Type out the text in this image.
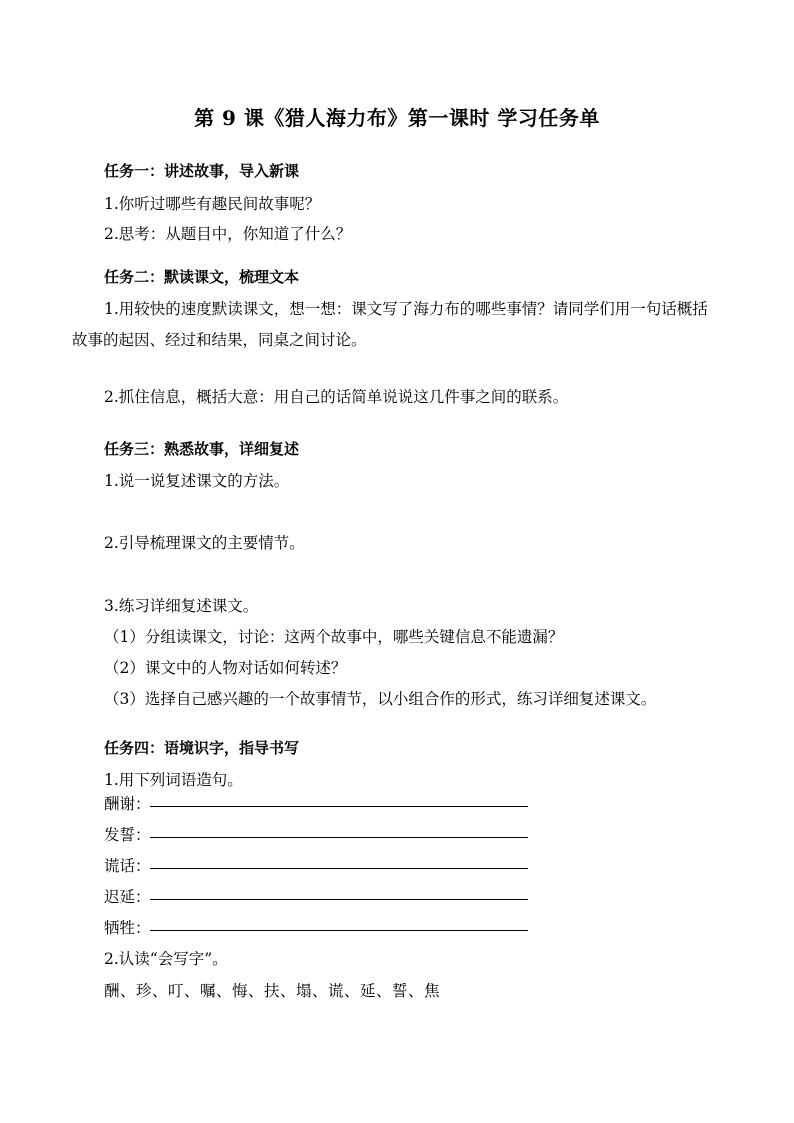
第 9 课《猎人海力布》第一课时 学习任务单
任务一：讲述故事，导入新课
1.你听过哪些有趣民间故事呢？
2.思考：从题目中，你知道了什么？
任务二：默读课文，梳理文本
1.用较快的速度默读课文，想一想：课文写了海力布的哪些事情？请同学们用一句话概括
故事的起因、经过和结果，同桌之间讨论。
2.抓住信息，概括大意：用自己的话简单说说这几件事之间的联系。
任务三：熟悉故事，详细复述
1.说一说复述课文的方法。
2.引导梳理课文的主要情节。
3.练习详细复述课文。
（1）分组读课文，讨论：这两个故事中，哪些关键信息不能遗漏？
（2）课文中的人物对话如何转述？
（3）选择自己感兴趣的一个故事情节，以小组合作的形式，练习详细复述课文。
任务四：语境识字，指导书写
1.用下列词语造句。
酬谢：
发誓：
谎话：
迟延：
牺牲：
2.认读“会写字”。
酬、珍、叮、嘱、悔、扶、塌、谎、延、誓、焦
